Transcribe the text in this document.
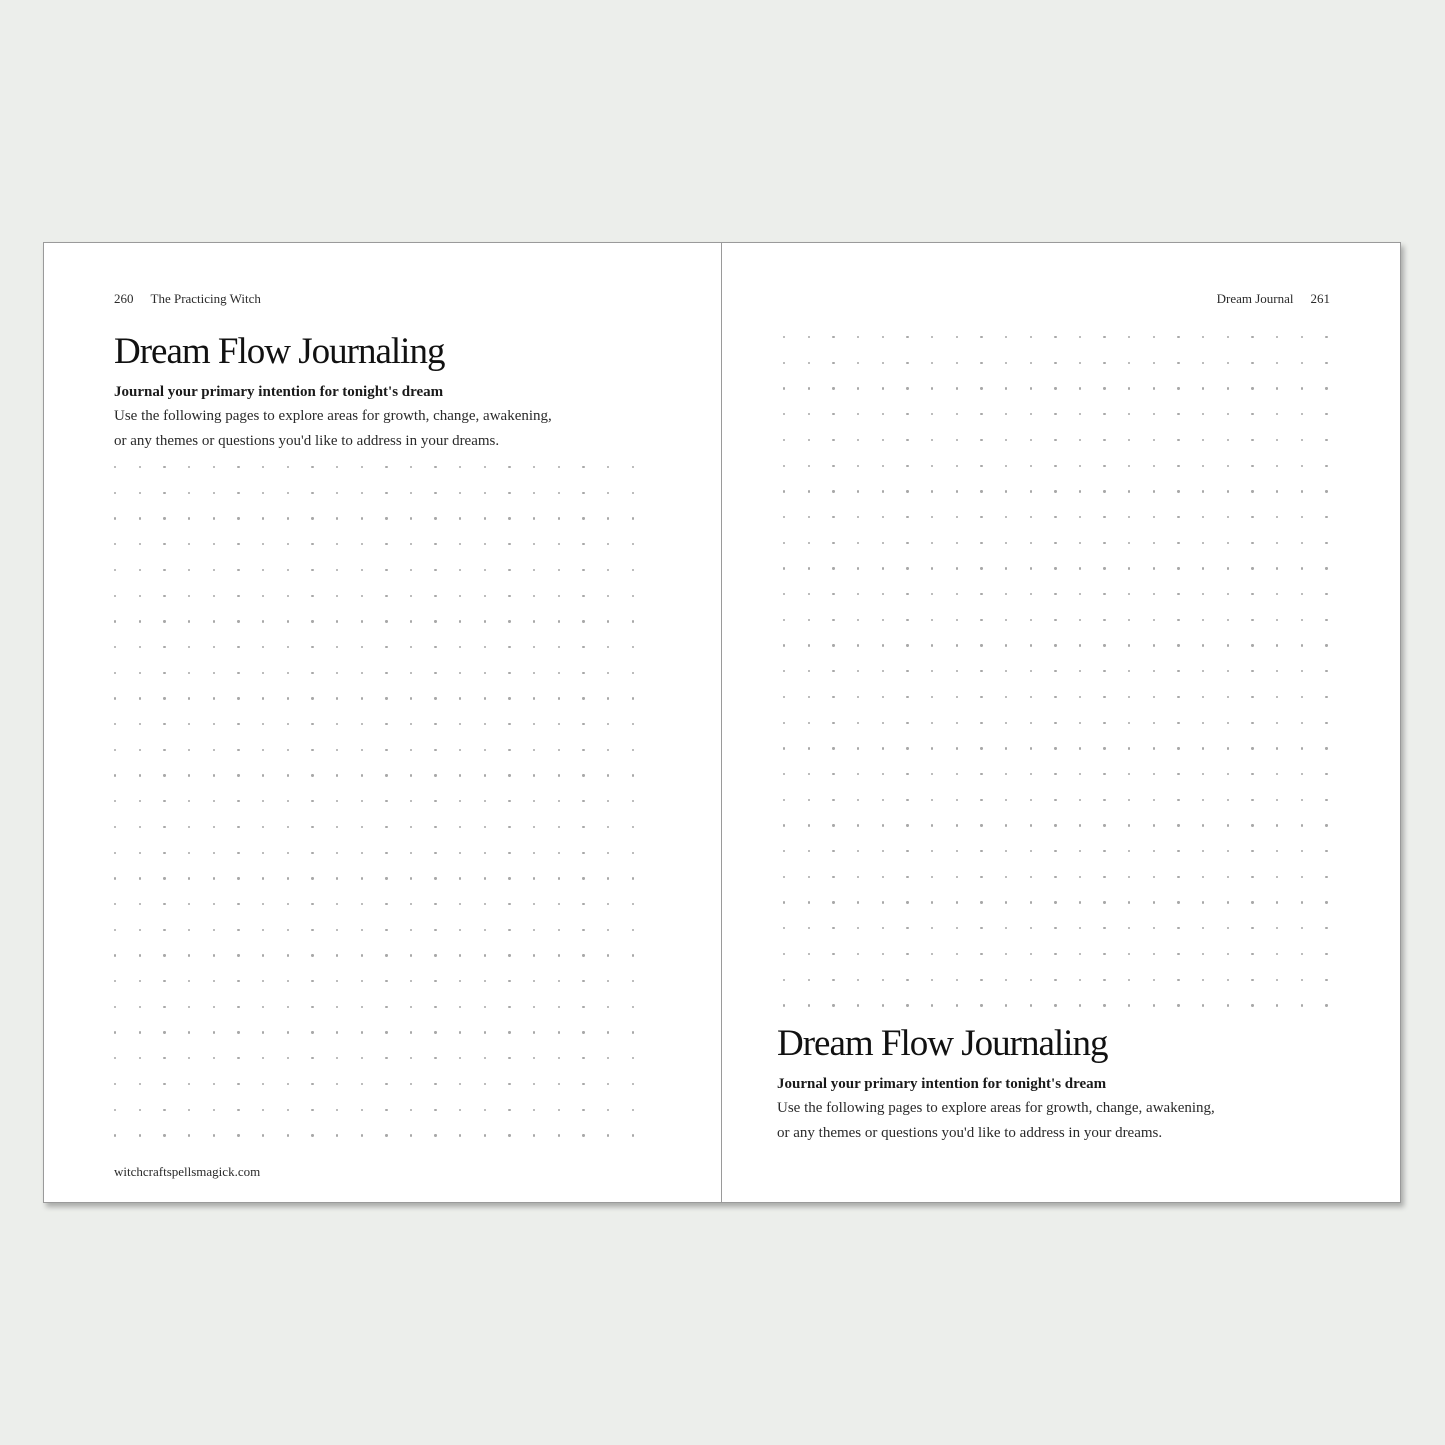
260 The Practicing Witch
Dream Flow Journaling

Journal your primary intention for tonight's dream

Use the following pages to explore areas for growth, change, awakening,
or any themes or questions you'd like to address in your dreams.

witchcraftspellsmagick.com
Dream Journal 261
Dream Flow Journaling

Journal your primary intention for tonight's dream

Use the following pages to explore areas for growth, change, awakening,
or any themes or questions you'd like to address in your dreams.
